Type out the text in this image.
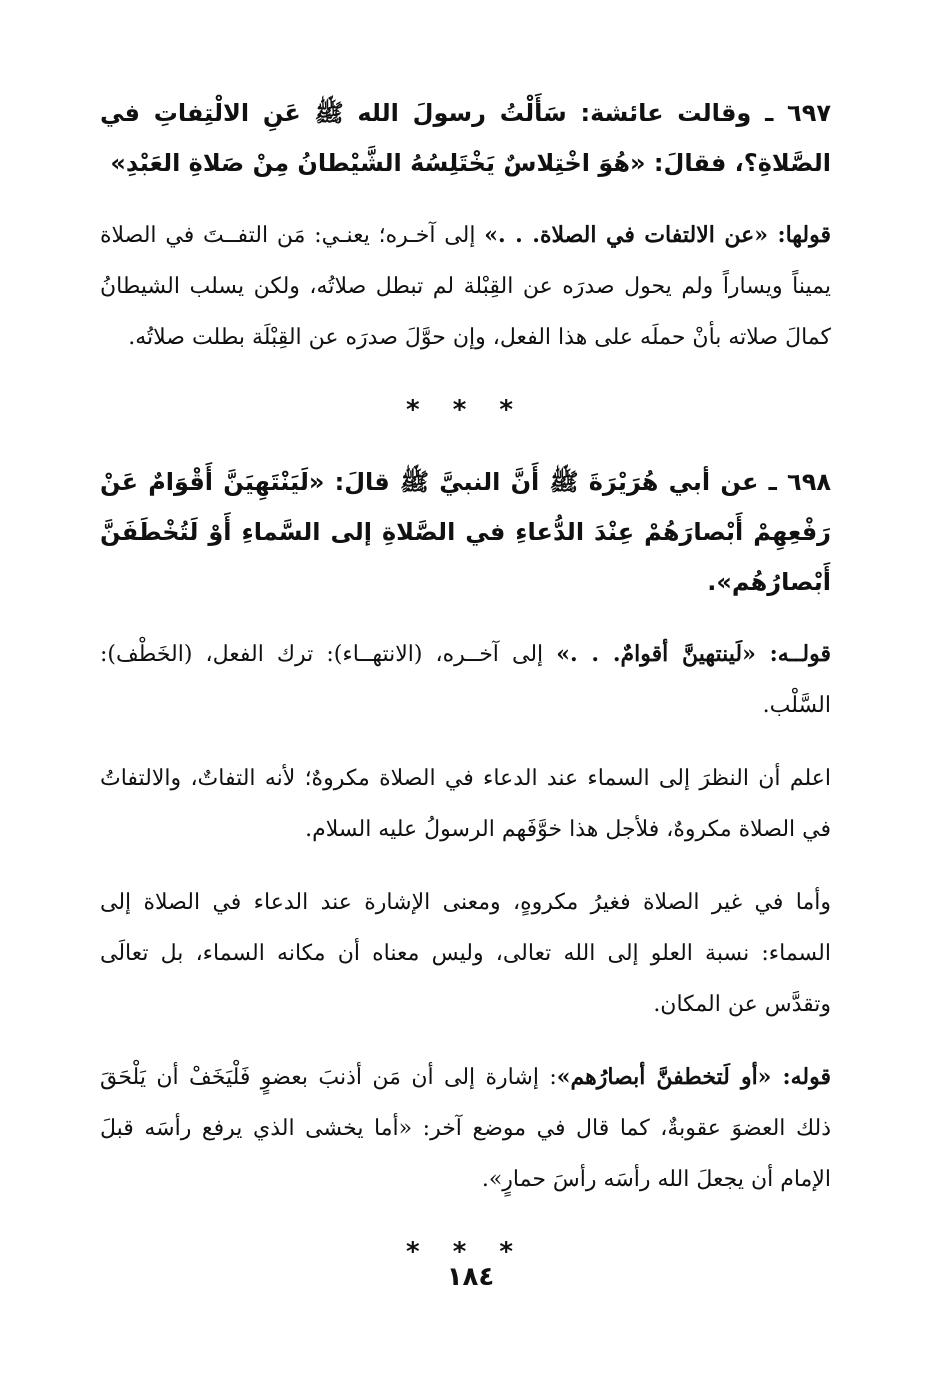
٦٩٧ ـ وقالت عائشة: سَأَلْتُ رسولَ الله ﷺ عَنِ الالْتِفاتِ في الصَّلاةِ؟، فقالَ: «هُوَ اخْتِلاسٌ يَخْتَلِسُهُ الشَّيْطانُ مِنْ صَلاةِ العَبْدِ»

قولها: «عن الالتفات في الصلاة. . .» إلى آخـره؛ يعنـي: مَن التفــتَ في الصلاة يميناً ويساراً ولم يحول صدرَه عن القِبْلة لم تبطل صلاتُه، ولكن يسلب الشيطانُ كمالَ صلاته بأنْ حملَه على هذا الفعل، وإن حوَّلَ صدرَه عن القِبْلَة بطلت صلاتُه.

* * *

٦٩٨ ـ عن أبي هُرَيْرَةَ ﷺ أَنَّ النبيَّ ﷺ قالَ: «لَيَنْتَهِيَنَّ أَقْوَامٌ عَنْ رَفْعِهِمْ أَبْصارَهُمْ عِنْدَ الدُّعاءِ في الصَّلاةِ إلى السَّماءِ أَوْ لَتُخْطَفَنَّ أَبْصارُهُم».

قولــه: «لَينتهينَّ أقوامٌ. . .» إلى آخــره، (الانتهــاء): ترك الفعل، (الخَطْف): السَّلْب.

اعلم أن النظرَ إلى السماء عند الدعاء في الصلاة مكروهٌ؛ لأنه التفاتٌ، والالتفاتُ في الصلاة مكروهٌ، فلأجل هذا خوَّفَهم الرسولُ عليه السلام.

وأما في غير الصلاة فغيرُ مكروهٍ، ومعنى الإشارة عند الدعاء في الصلاة إلى السماء: نسبة العلو إلى الله تعالى، وليس معناه أن مكانه السماء، بل تعالَى وتقدَّس عن المكان.

قوله: «أو لَتخطفنَّ أبصارُهم»: إشارة إلى أن مَن أذنبَ بعضوٍ فَلْيَخَفْ أن يَلْحَقَ ذلك العضوَ عقوبةٌ، كما قال في موضع آخر: «أما يخشى الذي يرفع رأسَه قبلَ الإمام أن يجعلَ الله رأسَه رأسَ حمارٍ».

* * *
١٨٤
